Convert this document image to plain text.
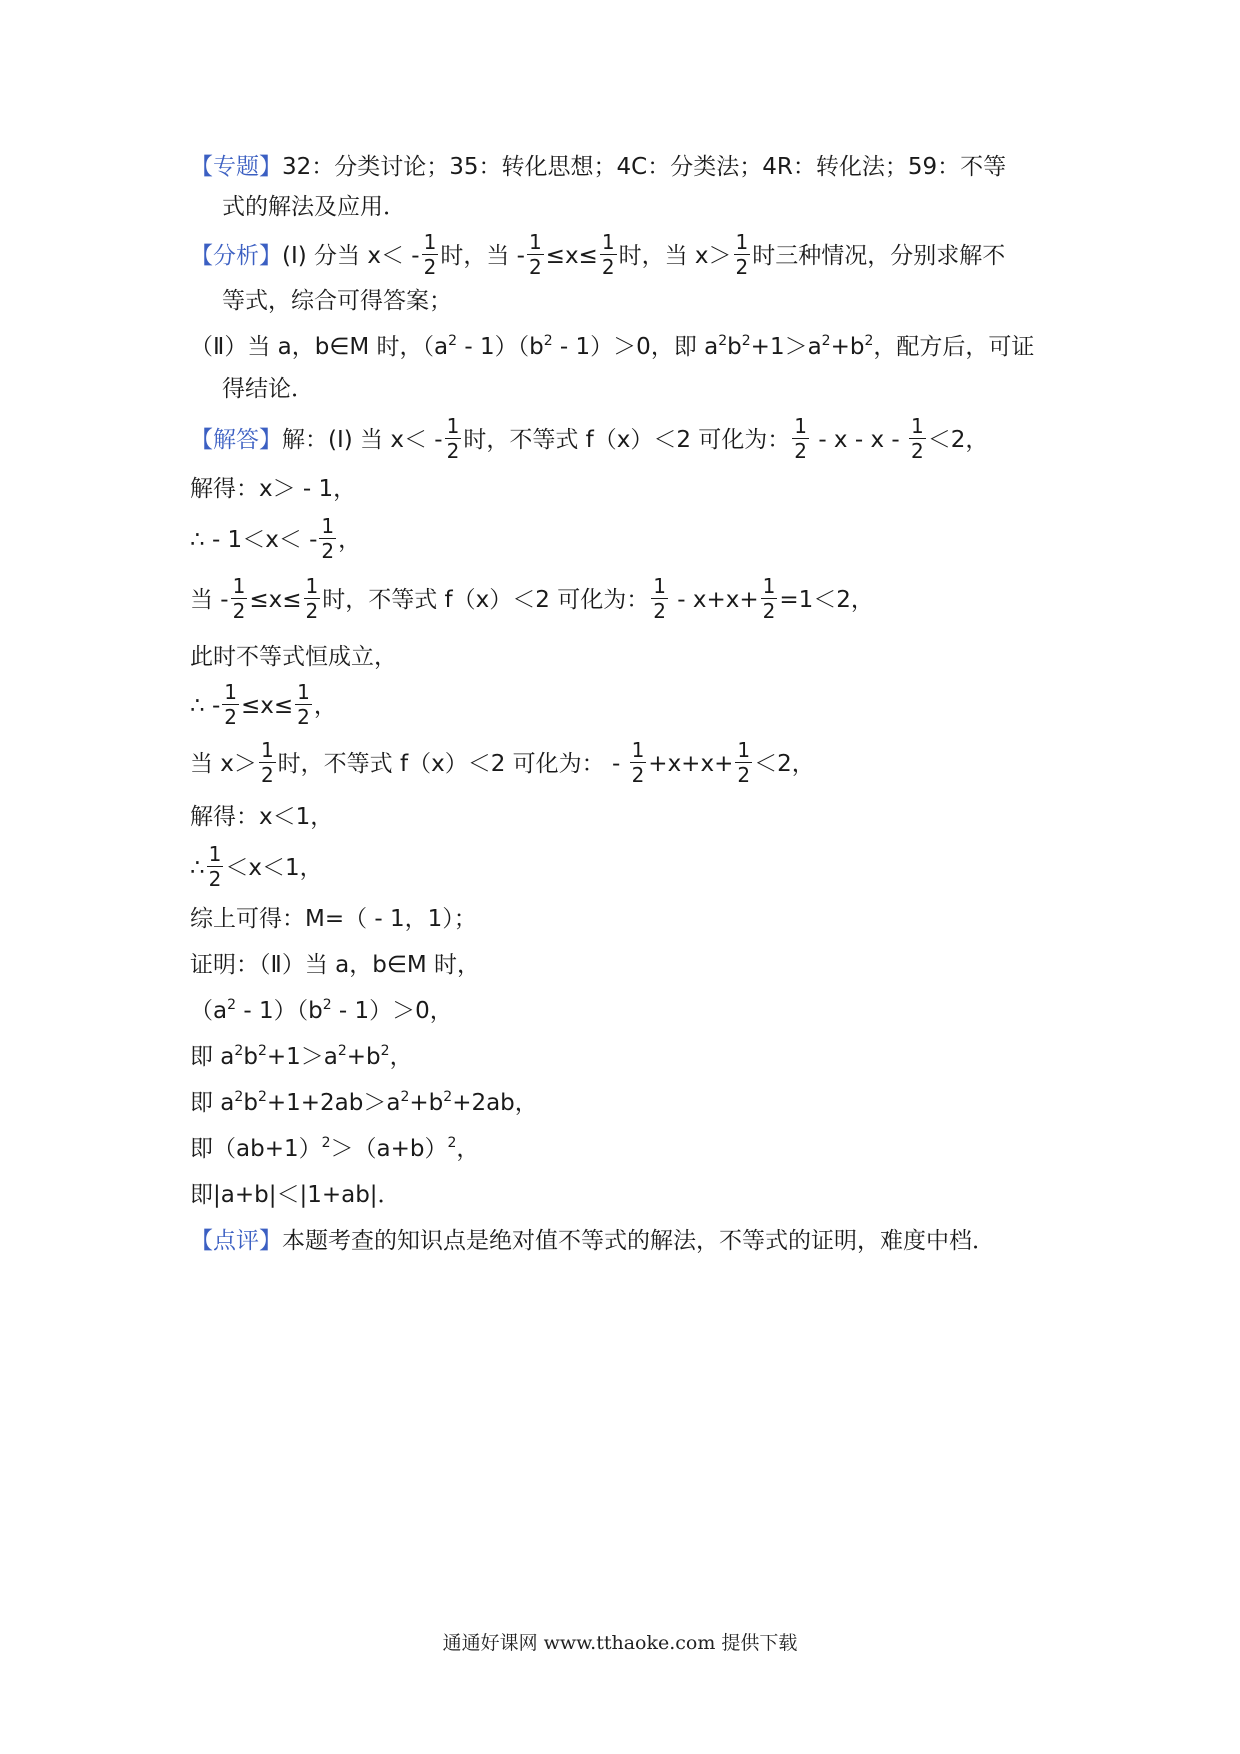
【专题】32：分类讨论；35：转化思想；4C：分类法；4R：转化法；59：不等
式的解法及应用．
【分析】(Ⅰ) 分当 $x< - \frac{1}{2}$ 时，当 - $\frac{1}{2} \le x\le \frac{1}{2}$ 时，当 $x> \frac{1}{2}$ 时三种情况，分别求解不
等式，综合可得答案；
（Ⅱ）当 a，b∈M 时，$(a^2 - 1)(b^2 - 1)>0$，即 $a^2b^2+1>a^2+b^2$，配方后，可证
得结论．
【解答】解：(Ⅰ) 当 $x< - \frac{1}{2}$ 时，不等式 f（x）＜2 可化为： $\frac{1}{2} - x - x - \frac{1}{2} <2$，
解得：x＞ - 1，
∴ - $1<x< - \frac{1}{2}$ ，
当 - $\frac{1}{2} \le x\le \frac{1}{2}$ 时，不等式 f（x）＜2 可化为： $\frac{1}{2} - x+x+ \frac{1}{2} =1<2$，
此时不等式恒成立，
∴ - $\frac{1}{2} \le x\le \frac{1}{2}$ ，
当 $x> \frac{1}{2}$ 时，不等式 f（x）＜2 可化为： - $\frac{1}{2} +x+x+ \frac{1}{2} <2$，
解得：x＜1，
∴ $\frac{1}{2} <x<1$，
综上可得：M=（ - 1，1）；
证明：（Ⅱ）当 a，b∈M 时，
$(a^2 - 1)(b^2 - 1)>0$，
即 $a^2b^2+1>a^2+b^2$，
即 $a^2b^2+1+2ab>a^2+b^2+2ab$，
即$(ab+1)^2>(a+b)^2$，
即|a+b|＜|1+ab|．
【点评】本题考查的知识点是绝对值不等式的解法，不等式的证明，难度中档．
通通好课网 www.tthaoke.com 提供下载
